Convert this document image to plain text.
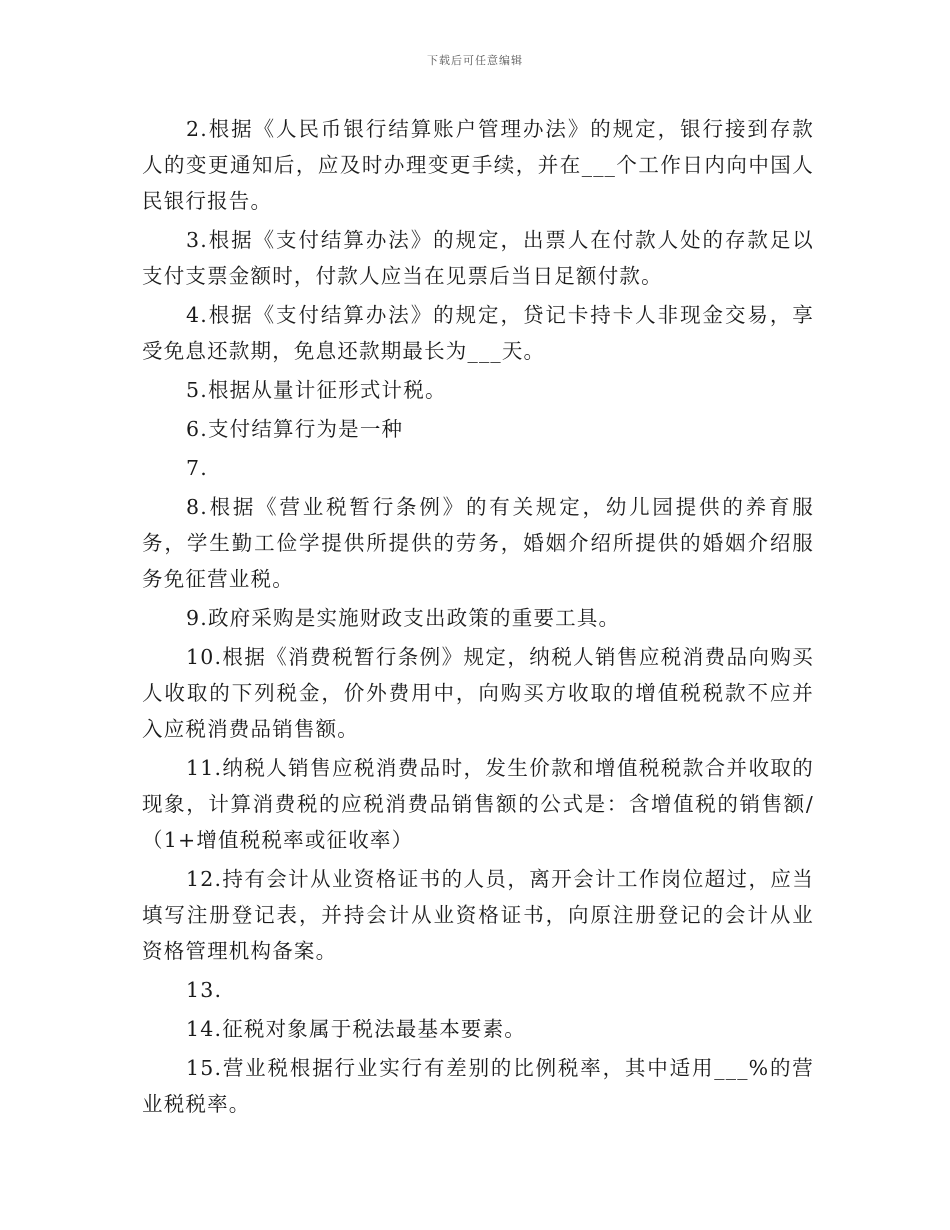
下载后可任意编辑

2.根据《人民币银行结算账户管理办法》的规定，银行接到存款人的变更通知后，应及时办理变更手续，并在___个工作日内向中国人民银行报告。

3.根据《支付结算办法》的规定，出票人在付款人处的存款足以支付支票金额时，付款人应当在见票后当日足额付款。

4.根据《支付结算办法》的规定，贷记卡持卡人非现金交易，享受免息还款期，免息还款期最长为___天。

5.根据从量计征形式计税。

6.支付结算行为是一种

7.

8.根据《营业税暂行条例》的有关规定，幼儿园提供的养育服务，学生勤工俭学提供所提供的劳务，婚姻介绍所提供的婚姻介绍服务免征营业税。

9.政府采购是实施财政支出政策的重要工具。

10.根据《消费税暂行条例》规定，纳税人销售应税消费品向购买人收取的下列税金，价外费用中，向购买方收取的增值税税款不应并入应税消费品销售额。

11.纳税人销售应税消费品时，发生价款和增值税税款合并收取的现象，计算消费税的应税消费品销售额的公式是：含增值税的销售额/（1+增值税税率或征收率）

12.持有会计从业资格证书的人员，离开会计工作岗位超过，应当填写注册登记表，并持会计从业资格证书，向原注册登记的会计从业资格管理机构备案。

13.

14.征税对象属于税法最基本要素。

15.营业税根据行业实行有差别的比例税率，其中适用___%的营业税税率。
